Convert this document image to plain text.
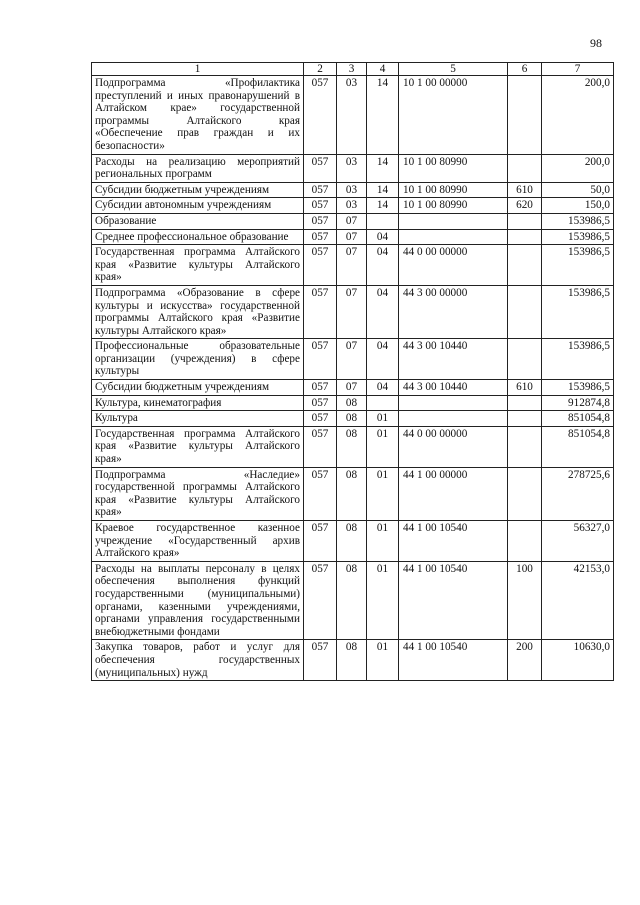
98
1	2	3	4	5	6	7
Подпрограмма «Профилактика преступлений и иных правонарушений в Алтайском крае» государственной программы Алтайского края «Обеспечение прав граждан и их безопасности»	057	03	14	10 1 00 00000		200,0
Расходы на реализацию мероприятий региональных программ	057	03	14	10 1 00 80990		200,0
Субсидии бюджетным учреждениям	057	03	14	10 1 00 80990	610	50,0
Субсидии автономным учреждениям	057	03	14	10 1 00 80990	620	150,0
Образование	057	07				153986,5
Среднее профессиональное образование	057	07	04			153986,5
Государственная программа Алтайского края «Развитие культуры Алтайского края»	057	07	04	44 0 00 00000		153986,5
Подпрограмма «Образование в сфере культуры и искусства» государственной программы Алтайского края «Развитие культуры Алтайского края»	057	07	04	44 3 00 00000		153986,5
Профессиональные образовательные организации (учреждения) в сфере культуры	057	07	04	44 3 00 10440		153986,5
Субсидии бюджетным учреждениям	057	07	04	44 3 00 10440	610	153986,5
Культура, кинематография	057	08				912874,8
Культура	057	08	01			851054,8
Государственная программа Алтайского края «Развитие культуры Алтайского края»	057	08	01	44 0 00 00000		851054,8
Подпрограмма «Наследие» государственной программы Алтайского края «Развитие культуры Алтайского края»	057	08	01	44 1 00 00000		278725,6
Краевое государственное казенное учреждение «Государственный архив Алтайского края»	057	08	01	44 1 00 10540		56327,0
Расходы на выплаты персоналу в целях обеспечения выполнения функций государственными (муниципальными) органами, казенными учреждениями, органами управления государственными внебюджетными фондами	057	08	01	44 1 00 10540	100	42153,0
Закупка товаров, работ и услуг для обеспечения государственных (муниципальных) нужд	057	08	01	44 1 00 10540	200	10630,0
